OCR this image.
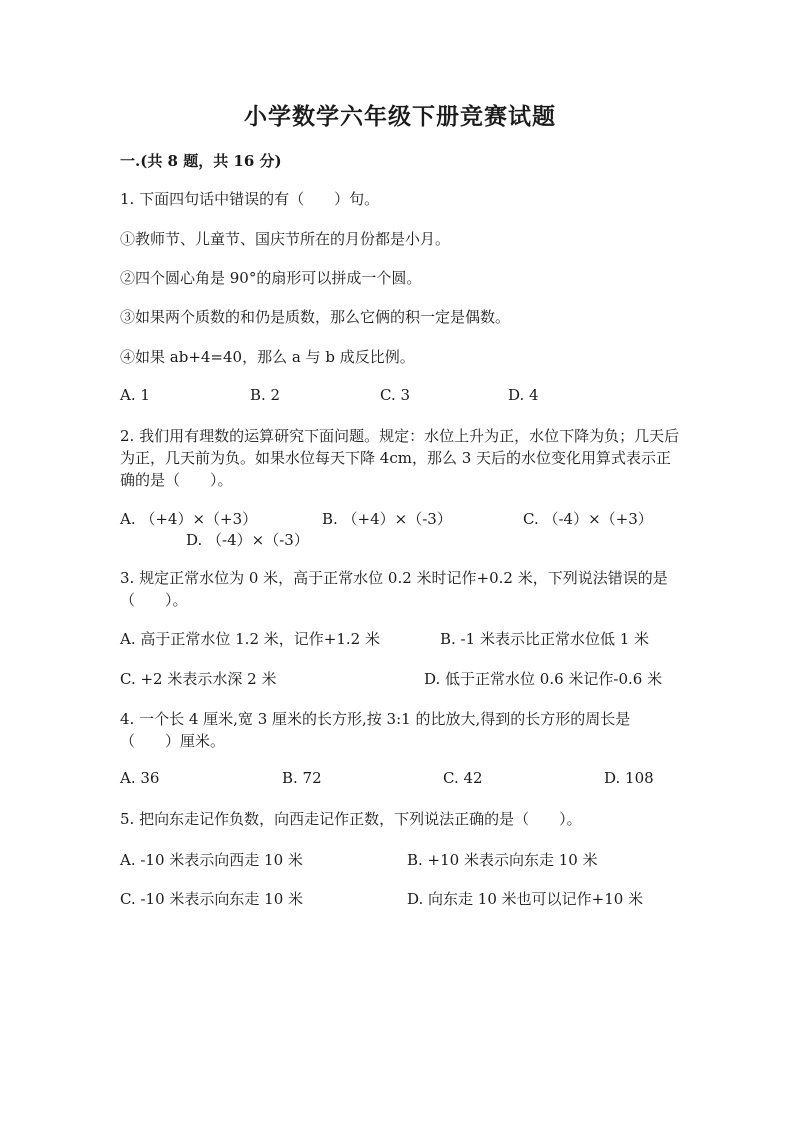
小学数学六年级下册竞赛试题
一.(共 8 题，共 16 分)
1. 下面四句话中错误的有（　　）句。
①教师节、儿童节、国庆节所在的月份都是小月。
②四个圆心角是 90°的扇形可以拼成一个圆。
③如果两个质数的和仍是质数，那么它俩的积一定是偶数。
④如果 ab+4=40，那么 a 与 b 成反比例。
A. 1	B. 2	C. 3	D. 4
2. 我们用有理数的运算研究下面问题。规定：水位上升为正，水位下降为负；几天后为正，几天前为负。如果水位每天下降 4cm，那么 3 天后的水位变化用算式表示正确的是（　　）。
A. （+4）×（+3）	B. （+4）×（-3）	C. （-4）×（+3）
D. （-4）×（-3）
3. 规定正常水位为 0 米，高于正常水位 0.2 米时记作+0.2 米，下列说法错误的是（　　）。
A. 高于正常水位 1.2 米，记作+1.2 米	B. -1 米表示比正常水位低 1 米
C. +2 米表示水深 2 米	D. 低于正常水位 0.6 米记作-0.6 米
4. 一个长 4 厘米,宽 3 厘米的长方形,按 3:1 的比放大,得到的长方形的周长是（　　）厘米。
A. 36	B. 72	C. 42	D. 108
5. 把向东走记作负数，向西走记作正数，下列说法正确的是（　　）。
A. -10 米表示向西走 10 米	B. +10 米表示向东走 10 米
C. -10 米表示向东走 10 米	D. 向东走 10 米也可以记作+10 米
